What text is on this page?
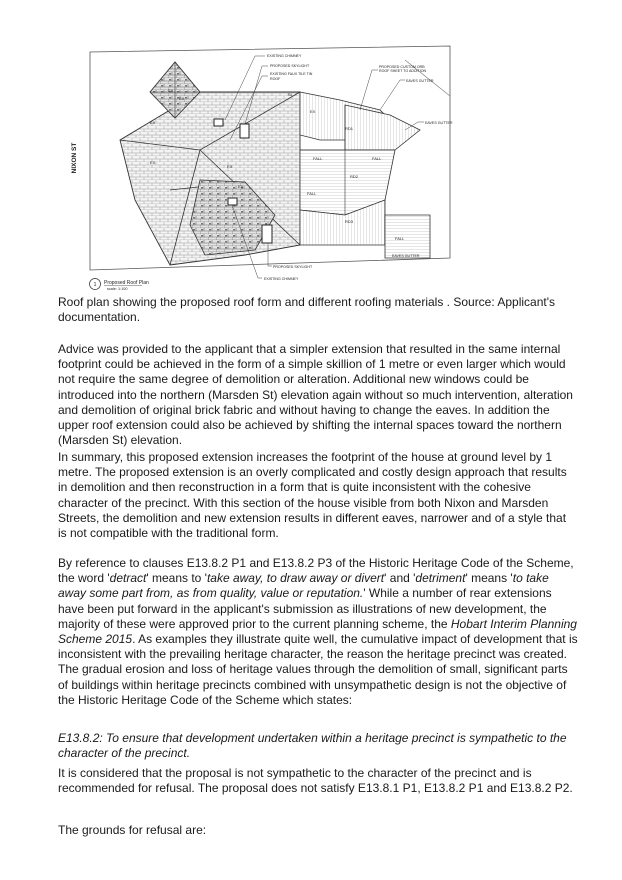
EXISTING CHIMNEY
PROPOSED SKYLIGHT
EXISTING FAUX TILE TIN
ROOF
PROPOSED CUSTOM ORB
ROOF SHEET TO ADDITION
EAVES GUTTER
EAVES GUTTER
PROPOSED SKYLIGHT
EXISTING CHIMNEY
EAVES GUTTER
EX
EX
EX
EX
EX
EX
EX
SL
RD1
RD2
RD3
FALL	FALL
FALL
FALL
NIXON ST
1 Proposed Roof Plan
scale: 1:100

Roof plan showing the proposed roof form and different roofing materials . Source: Applicant's documentation.

Advice was provided to the applicant that a simpler extension that resulted in the same internal footprint could be achieved in the form of a simple skillion of 1 metre or even larger which would not require the same degree of demolition or alteration. Additional new windows could be introduced into the northern (Marsden St) elevation again without so much intervention, alteration and demolition of original brick fabric and without having to change the eaves. In addition the upper roof extension could also be achieved by shifting the internal spaces toward the northern (Marsden St) elevation.

In summary, this proposed extension increases the footprint of the house at ground level by 1 metre. The proposed extension is an overly complicated and costly design approach that results in demolition and then reconstruction in a form that is quite inconsistent with the cohesive character of the precinct. With this section of the house visible from both Nixon and Marsden Streets, the demolition and new extension results in different eaves, narrower and of a style that is not compatible with the traditional form.

By reference to clauses E13.8.2 P1 and E13.8.2 P3 of the Historic Heritage Code of the Scheme, the word 'detract' means to 'take away, to draw away or divert' and 'detriment' means 'to take away some part from, as from quality, value or reputation.' While a number of rear extensions have been put forward in the applicant's submission as illustrations of new development, the majority of these were approved prior to the current planning scheme, the Hobart Interim Planning Scheme 2015. As examples they illustrate quite well, the cumulative impact of development that is inconsistent with the prevailing heritage character, the reason the heritage precinct was created. The gradual erosion and loss of heritage values through the demolition of small, significant parts of buildings within heritage precincts combined with unsympathetic design is not the objective of the Historic Heritage Code of the Scheme which states:

E13.8.2: To ensure that development undertaken within a heritage precinct is sympathetic to the character of the precinct.

It is considered that the proposal is not sympathetic to the character of the precinct and is recommended for refusal. The proposal does not satisfy E13.8.1 P1, E13.8.2 P1 and E13.8.2 P2.

The grounds for refusal are:
